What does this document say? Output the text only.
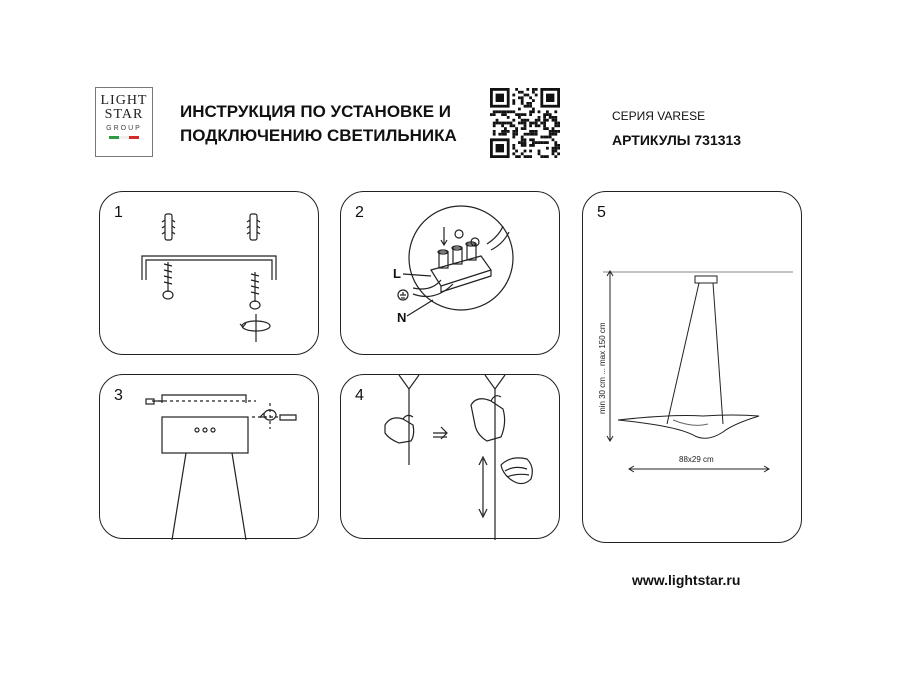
LIGHT
STAR
GROUP
ИНСТРУКЦИЯ ПО УСТАНОВКЕ И
ПОДКЛЮЧЕНИЮ СВЕТИЛЬНИКА
СЕРИЯ VARESE
АРТИКУЛЫ 731313
1	2
L
N
5
min 30 cm ... max 150 cm
88x29 cm
3	4
www.lightstar.ru
